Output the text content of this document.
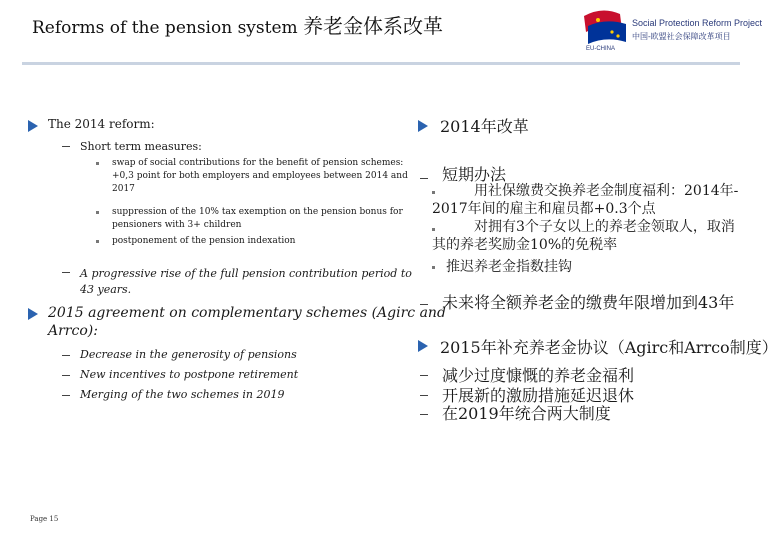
Reforms of the pension system 养老金体系改革	Social Protection Reform Project
中国-欧盟社会保障改革项目
EU-CHINA
The 2014 reform:
Short term measures:
swap of social contributions for the benefit of pension schemes:
+0,3 point for both employers and employees between 2014 and
2017
suppression of the 10% tax exemption on the pension bonus for
pensioners with 3+ children
postponement of the pension indexation
A progressive rise of the full pension contribution period to
43 years.
2015 agreement on complementary schemes (Agirc and
Arrco):
Decrease in the generosity of pensions
New incentives to postpone retirement
Merging of the two schemes in 2019
2014年改革
短期办法
用社保缴费交换养老金制度福利：2014年-
2017年间的雇主和雇员都+0.3个点
对拥有3个子女以上的养老金领取人，取消
其的养老奖励金10%的免税率
推迟养老金指数挂钩
未来将全额养老金的缴费年限增加到43年
2015年补充养老金协议（Agirc和Arrco制度）
减少过度慷慨的养老金福利
开展新的激励措施延迟退休
在2019年统合两大制度
Page 15
